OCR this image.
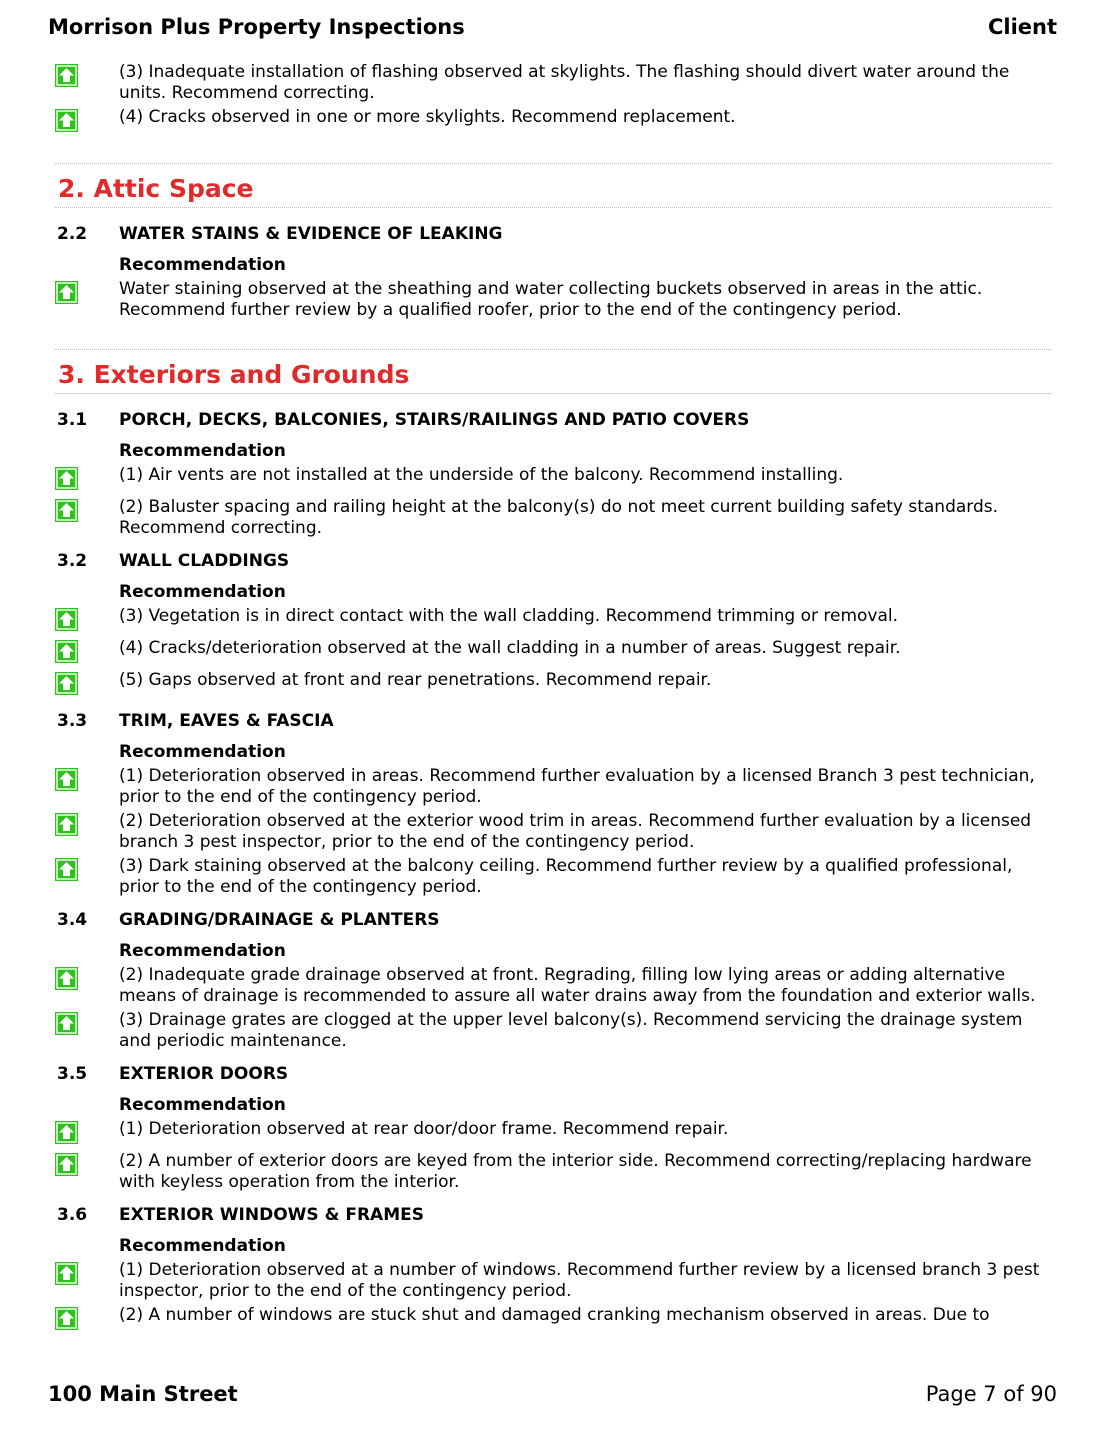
Morrison Plus Property Inspections	Client
(3) Inadequate installation of flashing observed at skylights. The flashing should divert water around the units. Recommend correcting.
(4) Cracks observed in one or more skylights. Recommend replacement.
2. Attic Space
2.2	WATER STAINS & EVIDENCE OF LEAKING
Recommendation
Water staining observed at the sheathing and water collecting buckets observed in areas in the attic. Recommend further review by a qualified roofer, prior to the end of the contingency period.
3. Exteriors and Grounds
3.1	PORCH, DECKS, BALCONIES, STAIRS/RAILINGS AND PATIO COVERS
Recommendation
(1) Air vents are not installed at the underside of the balcony. Recommend installing.
(2) Baluster spacing and railing height at the balcony(s) do not meet current building safety standards. Recommend correcting.
3.2	WALL CLADDINGS
Recommendation
(3) Vegetation is in direct contact with the wall cladding. Recommend trimming or removal.
(4) Cracks/deterioration observed at the wall cladding in a number of areas. Suggest repair.
(5) Gaps observed at front and rear penetrations. Recommend repair.
3.3	TRIM, EAVES & FASCIA
Recommendation
(1) Deterioration observed in areas. Recommend further evaluation by a licensed Branch 3 pest technician, prior to the end of the contingency period.
(2) Deterioration observed at the exterior wood trim in areas. Recommend further evaluation by a licensed branch 3 pest inspector, prior to the end of the contingency period.
(3) Dark staining observed at the balcony ceiling. Recommend further review by a qualified professional, prior to the end of the contingency period.
3.4	GRADING/DRAINAGE & PLANTERS
Recommendation
(2) Inadequate grade drainage observed at front. Regrading, filling low lying areas or adding alternative means of drainage is recommended to assure all water drains away from the foundation and exterior walls.
(3) Drainage grates are clogged at the upper level balcony(s). Recommend servicing the drainage system and periodic maintenance.
3.5	EXTERIOR DOORS
Recommendation
(1) Deterioration observed at rear door/door frame. Recommend repair.
(2) A number of exterior doors are keyed from the interior side. Recommend correcting/replacing hardware with keyless operation from the interior.
3.6	EXTERIOR WINDOWS & FRAMES
Recommendation
(1) Deterioration observed at a number of windows. Recommend further review by a licensed branch 3 pest inspector, prior to the end of the contingency period.
(2) A number of windows are stuck shut and damaged cranking mechanism observed in areas. Due to
100 Main Street	Page 7 of 90
